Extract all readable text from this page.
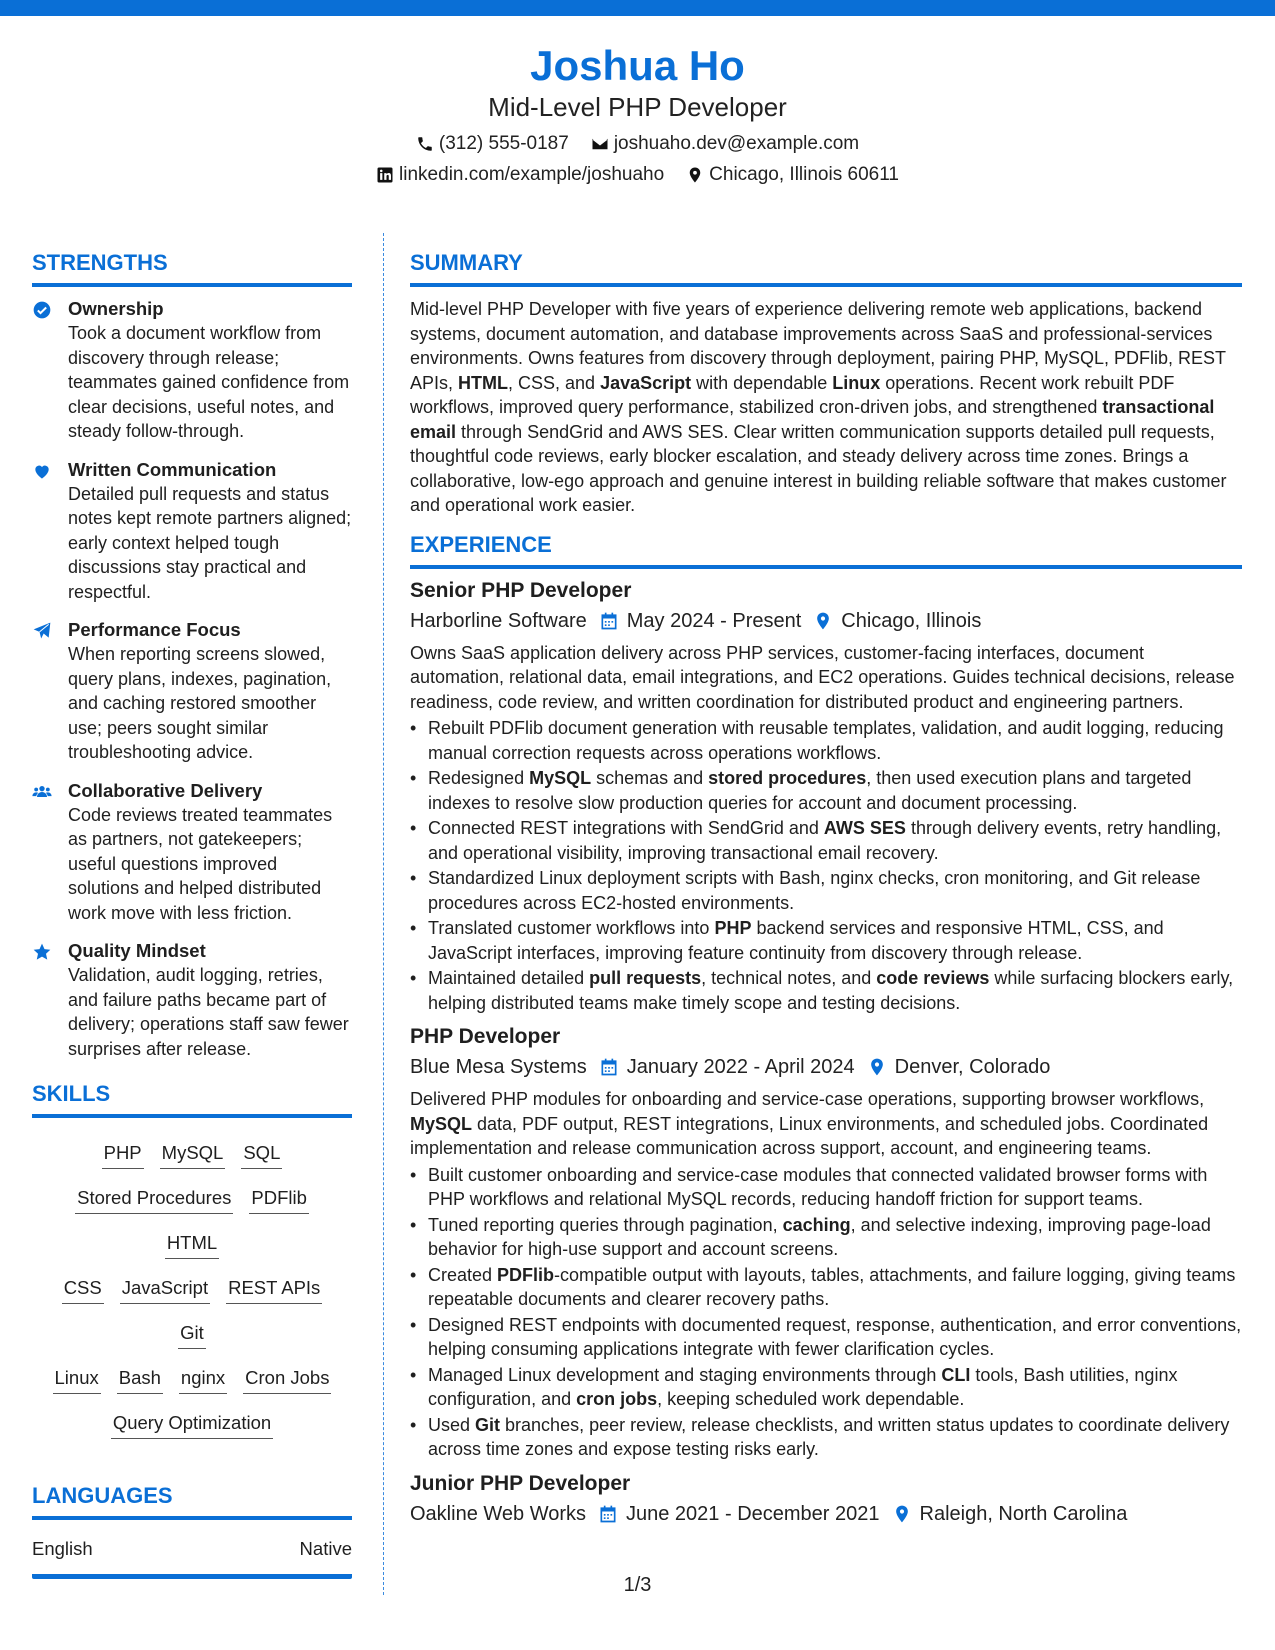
Joshua Ho
Mid-Level PHP Developer
(312) 555-0187 joshuaho.dev@example.com
linkedin.com/example/joshuaho Chicago, Illinois 60611
STRENGTHS
Ownership
Took a document workflow from discovery through release; teammates gained confidence from clear decisions, useful notes, and steady follow-through.
Written Communication
Detailed pull requests and status notes kept remote partners aligned; early context helped tough discussions stay practical and respectful.
Performance Focus
When reporting screens slowed, query plans, indexes, pagination, and caching restored smoother use; peers sought similar troubleshooting advice.
Collaborative Delivery
Code reviews treated teammates as partners, not gatekeepers; useful questions improved solutions and helped distributed work move with less friction.
Quality Mindset
Validation, audit logging, retries, and failure paths became part of delivery; operations staff saw fewer surprises after release.
SKILLS
PHP MySQL SQL
Stored Procedures PDFlibHTML
CSS JavaScript REST APIsGit
Linux Bash nginx Cron Jobs
Query Optimization
LANGUAGES
English	Native
SUMMARY
Mid-level PHP Developer with five years of experience delivering remote web applications, backend systems, document automation, and database improvements across SaaS and professional-services environments. Owns features from discovery through deployment, pairing PHP, MySQL, PDFlib, REST APIs, HTML, CSS, and JavaScript with dependable Linux operations. Recent work rebuilt PDF workflows, improved query performance, stabilized cron-driven jobs, and strengthened transactional email through SendGrid and AWS SES. Clear written communication supports detailed pull requests, thoughtful code reviews, early blocker escalation, and steady delivery across time zones. Brings a collaborative, low-ego approach and genuine interest in building reliable software that makes customer and operational work easier.
EXPERIENCE
Senior PHP Developer
Harborline Software May 2024 - Present Chicago, Illinois
Owns SaaS application delivery across PHP services, customer-facing interfaces, document automation, relational data, email integrations, and EC2 operations. Guides technical decisions, release readiness, code review, and written coordination for distributed product and engineering partners.
• Rebuilt PDFlib document generation with reusable templates, validation, and audit logging, reducing manual correction requests across operations workflows.
• Redesigned MySQL schemas and stored procedures, then used execution plans and targeted indexes to resolve slow production queries for account and document processing.
• Connected REST integrations with SendGrid and AWS SES through delivery events, retry handling, and operational visibility, improving transactional email recovery.
• Standardized Linux deployment scripts with Bash, nginx checks, cron monitoring, and Git release procedures across EC2-hosted environments.
• Translated customer workflows into PHP backend services and responsive HTML, CSS, and JavaScript interfaces, improving feature continuity from discovery through release.
• Maintained detailed pull requests, technical notes, and code reviews while surfacing blockers early, helping distributed teams make timely scope and testing decisions.
PHP Developer
Blue Mesa Systems January 2022 - April 2024 Denver, Colorado
Delivered PHP modules for onboarding and service-case operations, supporting browser workflows, MySQL data, PDF output, REST integrations, Linux environments, and scheduled jobs. Coordinated implementation and release communication across support, account, and engineering teams.
• Built customer onboarding and service-case modules that connected validated browser forms with PHP workflows and relational MySQL records, reducing handoff friction for support teams.
• Tuned reporting queries through pagination, caching, and selective indexing, improving page-load behavior for high-use support and account screens.
• Created PDFlib-compatible output with layouts, tables, attachments, and failure logging, giving teams repeatable documents and clearer recovery paths.
• Designed REST endpoints with documented request, response, authentication, and error conventions, helping consuming applications integrate with fewer clarification cycles.
• Managed Linux development and staging environments through CLI tools, Bash utilities, nginx configuration, and cron jobs, keeping scheduled work dependable.
• Used Git branches, peer review, release checklists, and written status updates to coordinate delivery across time zones and expose testing risks early.
Junior PHP Developer
Oakline Web Works June 2021 - December 2021 Raleigh, North Carolina
1/3
